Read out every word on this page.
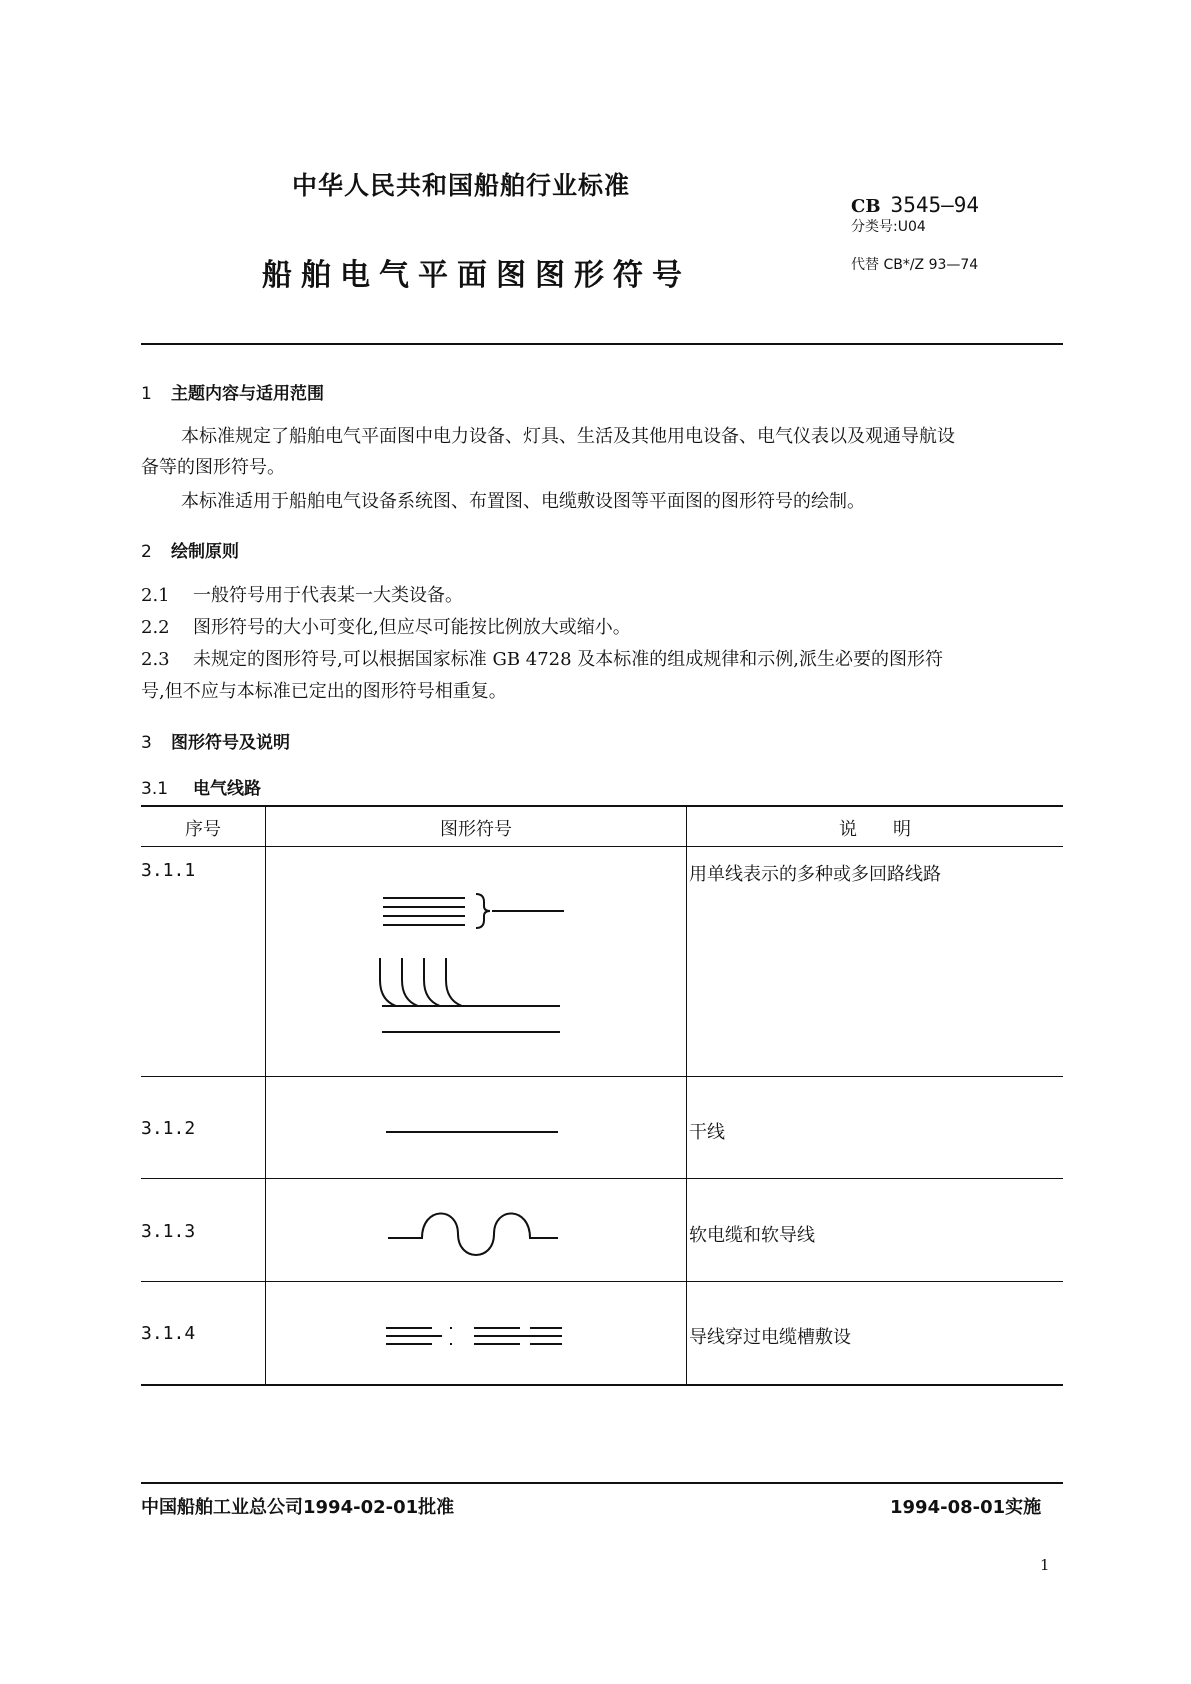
中华人民共和国船舶行业标准
CB 3545—94
分类号:U04
船舶电气平面图图形符号	代替 CB*/Z 93—74
1 主题内容与适用范围
本标准规定了船舶电气平面图中电力设备、灯具、生活及其他用电设备、电气仪表以及观通导航设
备等的图形符号。
本标准适用于船舶电气设备系统图、布置图、电缆敷设图等平面图的图形符号的绘制。
2 绘制原则
2.1 一般符号用于代表某一大类设备。
2.2 图形符号的大小可变化,但应尽可能按比例放大或缩小。
2.3 未规定的图形符号,可以根据国家标准 GB 4728 及本标准的组成规律和示例,派生必要的图形符
号,但不应与本标准已定出的图形符号相重复。
3 图形符号及说明
3.1 电气线路
序号	图形符号	说　　明
3.1.1	用单线表示的多种或多回路线路
3.1.2	干线
3.1.3	软电缆和软导线
3.1.4	导线穿过电缆槽敷设
中国船舶工业总公司1994-02-01批准	1994-08-01实施
1
